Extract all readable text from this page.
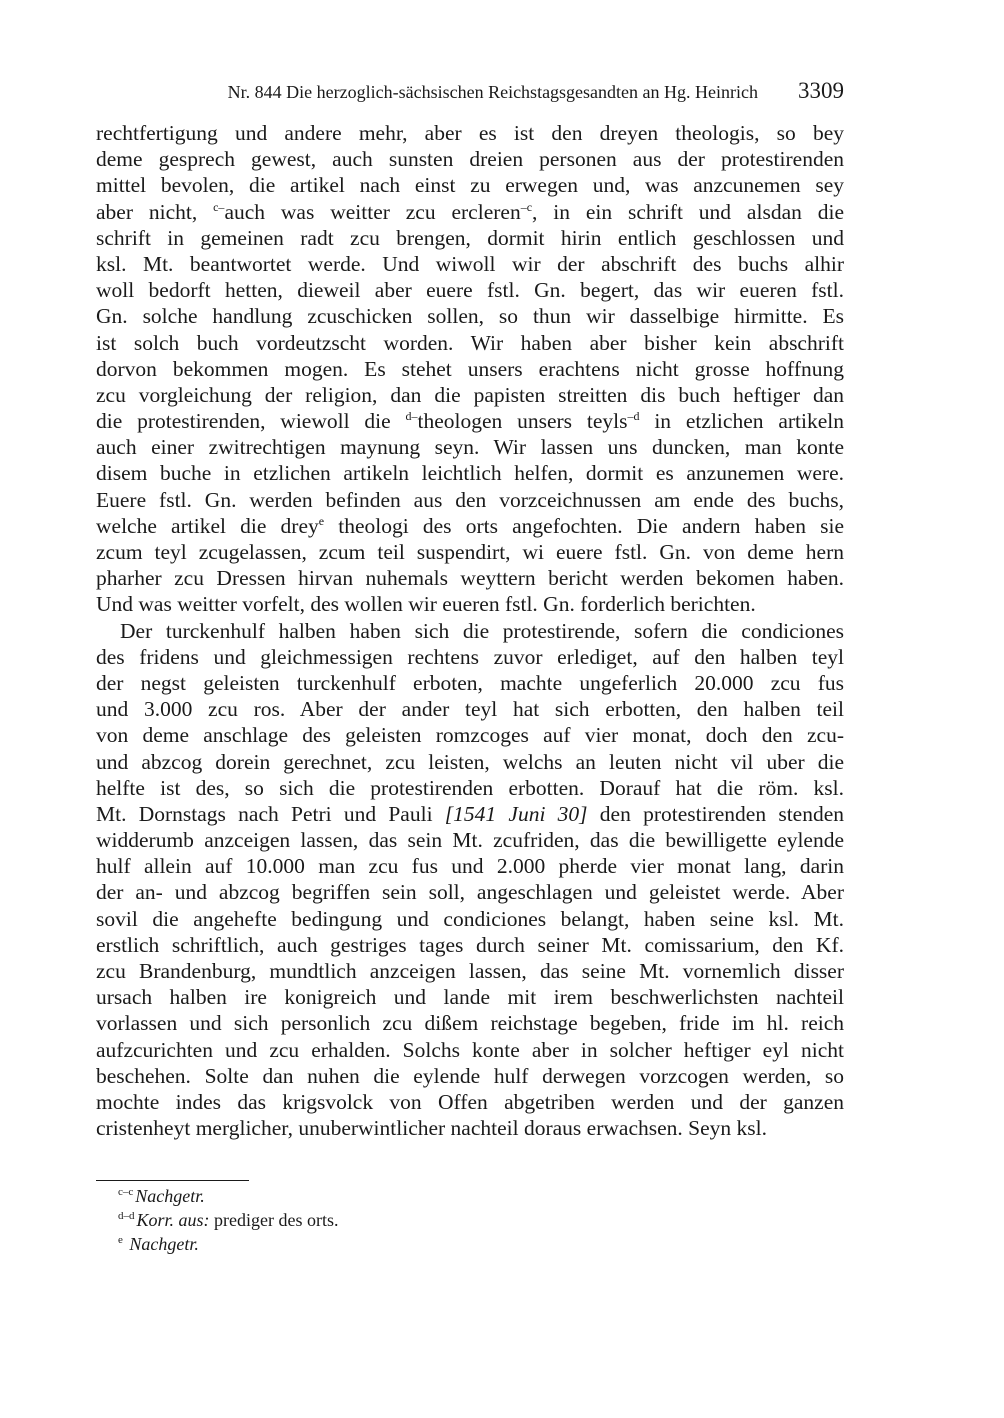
Nr. 844 Die herzoglich-sächsischen Reichstagsgesandten an Hg. Heinrich 3309
rechtfertigung und andere mehr, aber es ist den dreyen theologis, so bey
deme gesprech gewest, auch sunsten dreien personen aus der protestirenden
mittel bevolen, die artikel nach einst zu erwegen und, was anzcunemen sey
aber nicht, $^{c-}$auch was weitter zcu ercleren$^{-c}$, in ein schrift und alsdan die
schrift in gemeinen radt zcu brengen, dormit hirin entlich geschlossen und
ksl. Mt. beantwortet werde. Und wiwoll wir der abschrift des buchs alhir
woll bedorft hetten, dieweil aber euere fstl. Gn. begert, das wir eueren fstl.
Gn. solche handlung zcuschicken sollen, so thun wir dasselbige hirmitte. Es
ist solch buch vordeutzscht worden. Wir haben aber bisher kein abschrift
dorvon bekommen mogen. Es stehet unsers erachtens nicht grosse hoffnung
zcu vorgleichung der religion, dan die papisten streitten dis buch heftiger dan
die protestirenden, wiewoll die $^{d-}$theologen unsers teyls$^{-d}$ in etzlichen artikeln
auch einer zwitrechtigen maynung seyn. Wir lassen uns duncken, man konte
disem buche in etzlichen artikeln leichtlich helfen, dormit es anzunemen were.
Euere fstl. Gn. werden befinden aus den vorzceichnussen am ende des buchs,
welche artikel die drey$^e$ theologi des orts angefochten. Die andern haben sie
zcum teyl zcugelassen, zcum teil suspendirt, wi euere fstl. Gn. von deme hern
pharher zcu Dressen hirvan nuhemals weyttern bericht werden bekomen haben.
Und was weitter vorfelt, des wollen wir eueren fstl. Gn. forderlich berichten.
Der turckenhulf halben haben sich die protestirende, sofern die condiciones
des fridens und gleichmessigen rechtens zuvor erlediget, auf den halben teyl
der negst geleisten turckenhulf erboten, machte ungeferlich 20.000 zcu fus
und 3.000 zcu ros. Aber der ander teyl hat sich erbotten, den halben teil
von deme anschlage des geleisten romzcoges auf vier monat, doch den zcu-
und abzcog dorein gerechnet, zcu leisten, welchs an leuten nicht vil uber die
helfte ist des, so sich die protestirenden erbotten. Dorauf hat die röm. ksl.
Mt. Dornstags nach Petri und Pauli [1541 Juni 30] den protestirenden stenden
widderumb anzceigen lassen, das sein Mt. zcufriden, das die bewilligette eylende
hulf allein auf 10.000 man zcu fus und 2.000 pherde vier monat lang, darin
der an- und abzcog begriffen sein soll, angeschlagen und geleistet werde. Aber
sovil die angehefte bedingung und condiciones belangt, haben seine ksl. Mt.
erstlich schriftlich, auch gestriges tages durch seiner Mt. comissarium, den Kf.
zcu Brandenburg, mundtlich anzceigen lassen, das seine Mt. vornemlich disser
ursach halben ire konigreich und lande mit irem beschwerlichsten nachteil
vorlassen und sich personlich zcu dißem reichstage begeben, fride im hl. reich
aufzcurichten und zcu erhalden. Solchs konte aber in solcher heftiger eyl nicht
beschehen. Solte dan nuhen die eylende hulf derwegen vorzcogen werden, so
mochte indes das krigsvolck von Offen abgetriben werden und der ganzen
cristenheyt merglicher, unuberwintlicher nachteil doraus erwachsen. Seyn ksl.
$^{c-c}$ Nachgetr.
$^{d-d}$ Korr. aus: prediger des orts.
$^e$ Nachgetr.
